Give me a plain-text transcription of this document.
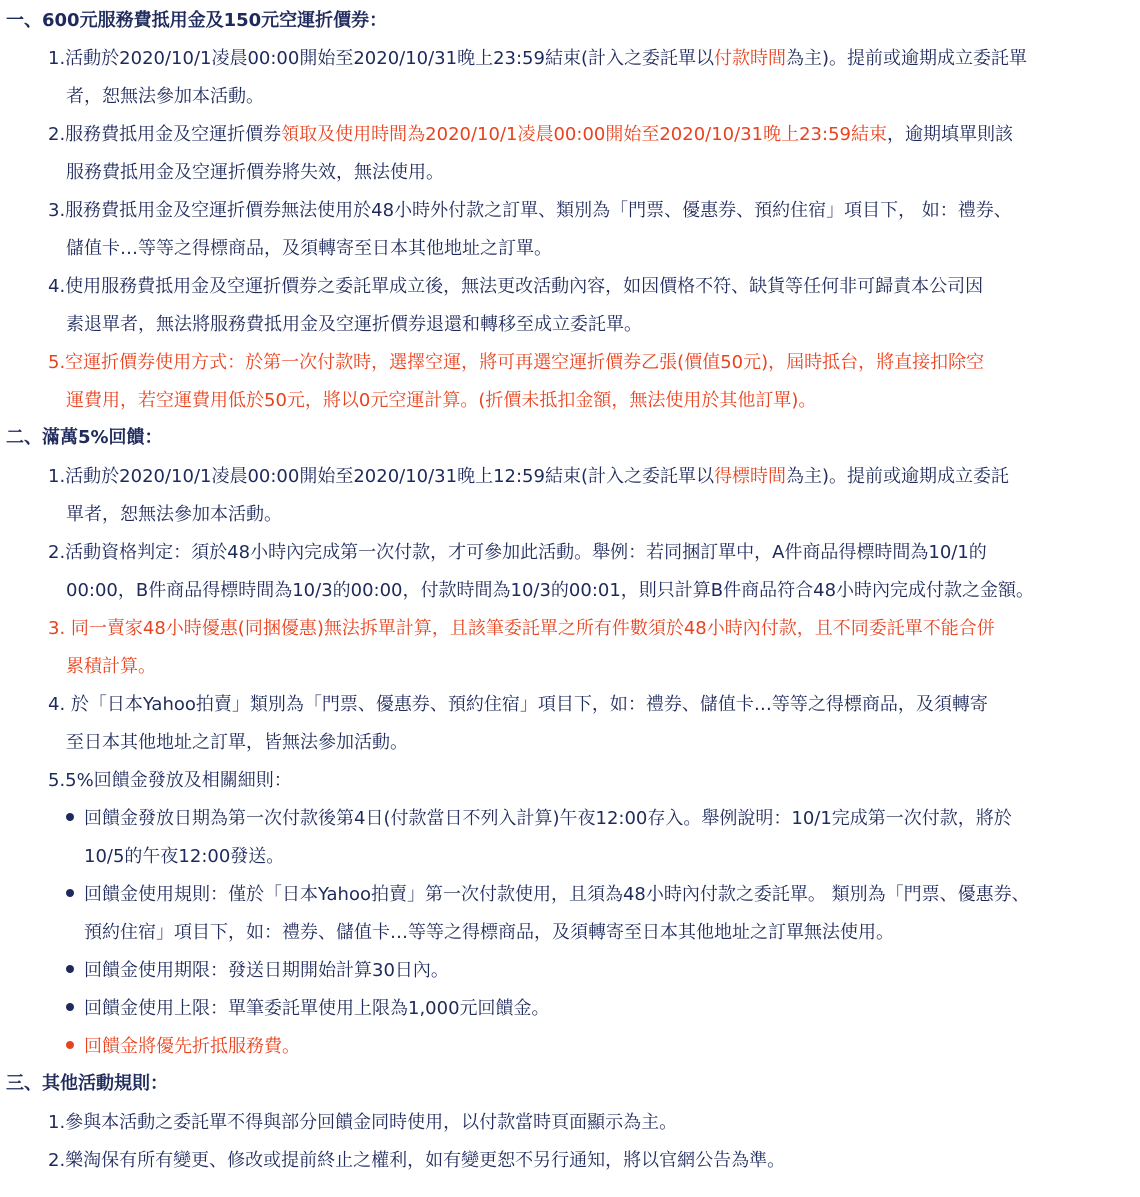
一、600元服務費抵用金及150元空運折價券：
1.活動於2020/10/1凌晨00:00開始至2020/10/31晚上23:59結束(計入之委託單以付款時間為主)。提前或逾期成立委託單
者，恕無法參加本活動。
2.服務費抵用金及空運折價券領取及使用時間為2020/10/1凌晨00:00開始至2020/10/31晚上23:59結束，逾期填單則該
服務費抵用金及空運折價券將失效，無法使用。
3.服務費抵用金及空運折價券無法使用於48小時外付款之訂單、類別為「門票、優惠券、預約住宿」項目下， 如：禮券、
儲值卡…等等之得標商品，及須轉寄至日本其他地址之訂單。
4.使用服務費抵用金及空運折價券之委託單成立後，無法更改活動內容，如因價格不符、缺貨等任何非可歸責本公司因
素退單者，無法將服務費抵用金及空運折價券退還和轉移至成立委託單。
5.空運折價券使用方式：於第一次付款時，選擇空運，將可再選空運折價券乙張(價值50元)，屆時抵台，將直接扣除空
運費用，若空運費用低於50元，將以0元空運計算。(折價未抵扣金額，無法使用於其他訂單)。
二、滿萬5%回饋：
1.活動於2020/10/1凌晨00:00開始至2020/10/31晚上12:59結束(計入之委託單以得標時間為主)。提前或逾期成立委託
單者，恕無法參加本活動。
2.活動資格判定：須於48小時內完成第一次付款，才可參加此活動。舉例：若同捆訂單中，A件商品得標時間為10/1的
00:00，B件商品得標時間為10/3的00:00，付款時間為10/3的00:01，則只計算B件商品符合48小時內完成付款之金額。
3. 同一賣家48小時優惠(同捆優惠)無法拆單計算，且該筆委託單之所有件數須於48小時內付款，且不同委託單不能合併
累積計算。
4. 於「日本Yahoo拍賣」類別為「門票、優惠券、預約住宿」項目下，如：禮券、儲值卡…等等之得標商品，及須轉寄
至日本其他地址之訂單，皆無法參加活動。
5.5%回饋金發放及相關細則：
回饋金發放日期為第一次付款後第4日(付款當日不列入計算)午夜12:00存入。舉例說明：10/1完成第一次付款，將於
10/5的午夜12:00發送。
回饋金使用規則：僅於「日本Yahoo拍賣」第一次付款使用，且須為48小時內付款之委託單。 類別為「門票、優惠券、
預約住宿」項目下，如：禮券、儲值卡…等等之得標商品，及須轉寄至日本其他地址之訂單無法使用。
回饋金使用期限：發送日期開始計算30日內。
回饋金使用上限：單筆委託單使用上限為1,000元回饋金。
回饋金將優先折抵服務費。
三、其他活動規則：
1.參與本活動之委託單不得與部分回饋金同時使用，以付款當時頁面顯示為主。
2.樂淘保有所有變更、修改或提前終止之權利，如有變更恕不另行通知，將以官網公告為準。
